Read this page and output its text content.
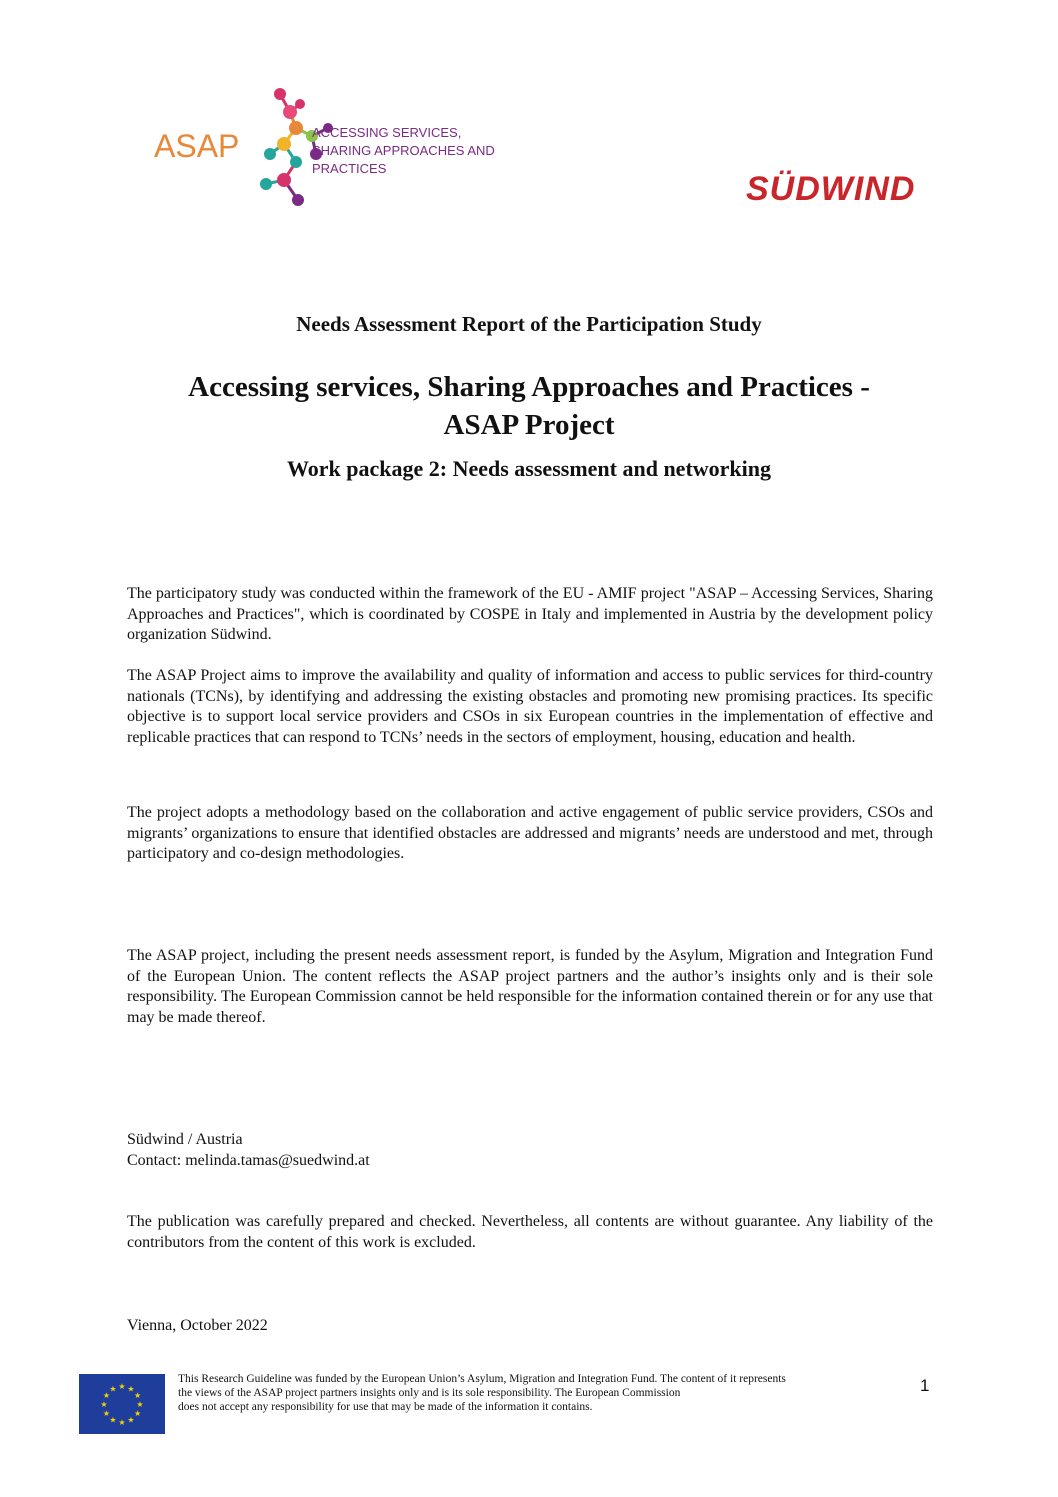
ASAP	ACCESSING SERVICES,
SHARING APPROACHES AND PRACTICES
SÜDWIND
Needs Assessment Report of the Participation Study
Accessing services, Sharing Approaches and Practices -
ASAP Project
Work package 2: Needs assessment and networking
The participatory study was conducted within the framework of the EU - AMIF project "ASAP – Accessing Services, Sharing Approaches and Practices", which is coordinated by COSPE in Italy and implemented in Austria by the development policy organization Südwind.
The ASAP Project aims to improve the availability and quality of information and access to public services for third-country nationals (TCNs), by identifying and addressing the existing obstacles and promoting new promising practices. Its specific objective is to support local service providers and CSOs in six European countries in the implementation of effective and replicable practices that can respond to TCNs’ needs in the sectors of employment, housing, education and health.
The project adopts a methodology based on the collaboration and active engagement of public service providers, CSOs and migrants’ organizations to ensure that identified obstacles are addressed and migrants’ needs are understood and met, through participatory and co-design methodologies.
The ASAP project, including the present needs assessment report, is funded by the Asylum, Migration and Integration Fund of the European Union. The content reflects the ASAP project partners and the author’s insights only and is their sole responsibility. The European Commission cannot be held responsible for the information contained therein or for any use that may be made thereof.
Südwind / Austria
Contact: melinda.tamas@suedwind.at
The publication was carefully prepared and checked. Nevertheless, all contents are without guarantee. Any liability of the contributors from the content of this work is excluded.
Vienna, October 2022
★ ★
★
★
★
★
★
★
★
★
★
★
This Research Guideline was funded by the European Union’s Asylum, Migration and Integration Fund. The content of it represents
the views of the ASAP project partners insights only and is its sole responsibility. The European Commission
does not accept any responsibility for use that may be made of the information it contains.
1
